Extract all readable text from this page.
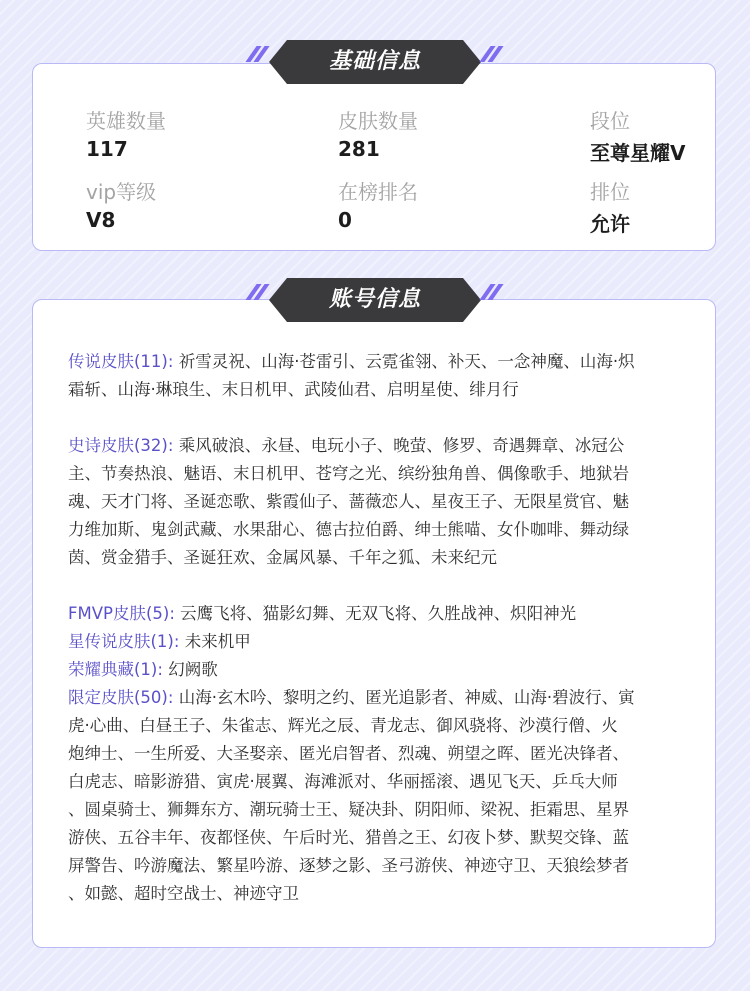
基础信息
英雄数量
117
皮肤数量
281
段位
至尊星耀V
vip等级
V8
在榜排名
0
排位
允许
账号信息
传说皮肤(11): 祈雪灵祝、山海·苍雷引、云霓雀翎、补天、一念神魔、山海·炽
霜斩、山海·琳琅生、末日机甲、武陵仙君、启明星使、绯月行
史诗皮肤(32): 乘风破浪、永昼、电玩小子、晚萤、修罗、奇遇舞章、冰冠公
主、节奏热浪、魅语、末日机甲、苍穹之光、缤纷独角兽、偶像歌手、地狱岩
魂、天才门将、圣诞恋歌、紫霞仙子、蔷薇恋人、星夜王子、无限星赏官、魅
力维加斯、鬼剑武藏、水果甜心、德古拉伯爵、绅士熊喵、女仆咖啡、舞动绿
茵、赏金猎手、圣诞狂欢、金属风暴、千年之狐、未来纪元
FMVP皮肤(5): 云鹰飞将、猫影幻舞、无双飞将、久胜战神、炽阳神光
星传说皮肤(1): 未来机甲
荣耀典藏(1): 幻阙歌
限定皮肤(50): 山海·玄木吟、黎明之约、匿光追影者、神威、山海·碧波行、寅
虎·心曲、白昼王子、朱雀志、辉光之辰、青龙志、御风骁将、沙漠行僧、火
炮绅士、一生所爱、大圣娶亲、匿光启智者、烈魂、朔望之晖、匿光决锋者、
白虎志、暗影游猎、寅虎·展翼、海滩派对、华丽摇滚、遇见飞天、乒乓大师
、圆桌骑士、狮舞东方、潮玩骑士王、疑决卦、阴阳师、梁祝、拒霜思、星界
游侠、五谷丰年、夜都怪侠、午后时光、猎兽之王、幻夜卜梦、默契交锋、蓝
屏警告、吟游魔法、繁星吟游、逐梦之影、圣弓游侠、神迹守卫、天狼绘梦者
、如懿、超时空战士、神迹守卫
